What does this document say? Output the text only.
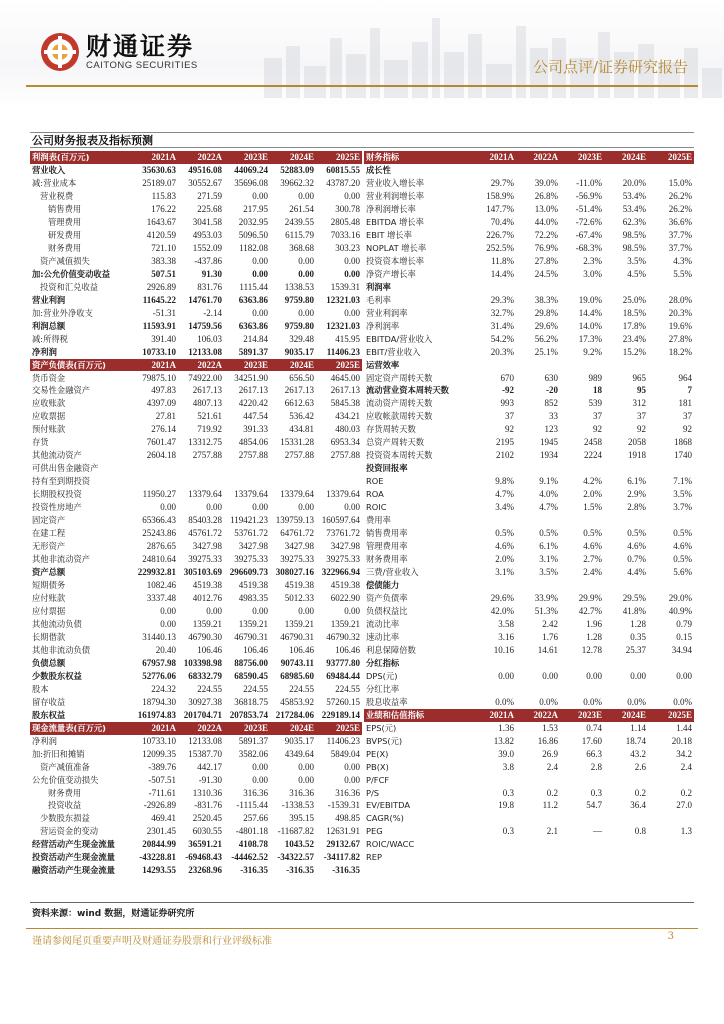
财通证券
CAITONG SECURITIES	公司点评/证券研究报告
公司财务报表及指标预测
利润表(百万元)	2021A	2022A	2023E	2024E	2025E
营业收入	35630.63	49516.08	44069.24	52883.09	60815.55
减:营业成本	25189.07	30552.67	35696.08	39662.32	43787.20
营业税费	115.83	271.59	0.00	0.00	0.00
销售费用	176.22	225.68	217.95	261.54	300.78
管理费用	1643.67	3041.58	2032.95	2439.55	2805.48
研发费用	4120.59	4953.03	5096.50	6115.79	7033.16
财务费用	721.10	1552.09	1182.08	368.68	303.23
资产减值损失	383.38	-437.86	0.00	0.00	0.00
加:公允价值变动收益	507.51	91.30	0.00	0.00	0.00
投资和汇兑收益	2926.89	831.76	1115.44	1338.53	1539.31
营业利润	11645.22	14761.70	6363.86	9759.80	12321.03
加:营业外净收支	-51.31	-2.14	0.00	0.00	0.00
利润总额	11593.91	14759.56	6363.86	9759.80	12321.03
减:所得税	391.40	106.03	214.84	329.48	415.95
净利润	10733.10	12133.08	5891.37	9035.17	11406.23
资产负债表(百万元)	2021A	2022A	2023E	2024E	2025E
货币资金	79875.10	74922.00	34251.90	656.50	4645.00
交易性金融资产	497.83	2617.13	2617.13	2617.13	2617.13
应收账款	4397.09	4807.13	4220.42	6612.63	5845.38
应收票据	27.81	521.61	447.54	536.42	434.21
预付账款	276.14	719.92	391.33	434.81	480.03
存货	7601.47	13312.75	4854.06	15331.28	6953.34
其他流动资产	2604.18	2757.88	2757.88	2757.88	2757.88
可供出售金融资产					
持有至到期投资					
长期股权投资	11950.27	13379.64	13379.64	13379.64	13379.64
投资性房地产	0.00	0.00	0.00	0.00	0.00
固定资产	65366.43	85403.28	119421.23	139759.13	160597.64
在建工程	25243.86	45761.72	53761.72	64761.72	73761.72
无形资产	2876.65	3427.98	3427.98	3427.98	3427.98
其他非流动资产	24810.64	39275.33	39275.33	39275.33	39275.33
资产总额	229932.81	305103.69	296609.73	308027.16	322966.94
短期债务	1082.46	4519.38	4519.38	4519.38	4519.38
应付账款	3337.48	4012.76	4983.35	5012.33	6022.90
应付票据	0.00	0.00	0.00	0.00	0.00
其他流动负债	0.00	1359.21	1359.21	1359.21	1359.21
长期借款	31440.13	46790.30	46790.31	46790.31	46790.32
其他非流动负债	20.40	106.46	106.46	106.46	106.46
负债总额	67957.98	103398.98	88756.00	90743.11	93777.80
少数股东权益	52776.06	68332.79	68590.45	68985.60	69484.44
股本	224.32	224.55	224.55	224.55	224.55
留存收益	18794.30	30927.38	36818.75	45853.92	57260.15
股东权益	161974.83	201704.71	207853.74	217284.06	229189.14
现金流量表(百万元)	2021A	2022A	2023E	2024E	2025E
净利润	10733.10	12133.08	5891.37	9035.17	11406.23
加:折旧和摊销	12099.35	15387.70	3582.06	4349.64	5849.04
资产减值准备	-389.76	442.17	0.00	0.00	0.00
公允价值变动损失	-507.51	-91.30	0.00	0.00	0.00
财务费用	-711.61	1310.36	316.36	316.36	316.36
投资收益	-2926.89	-831.76	-1115.44	-1338.53	-1539.31
少数股东损益	469.41	2520.45	257.66	395.15	498.85
营运资金的变动	2301.45	6030.55	-4801.18	-11687.82	12631.91
经营活动产生现金流量	20844.99	36591.21	4108.78	1043.52	29132.67
投资活动产生现金流量	-43228.81	-69468.43	-44462.52	-34322.57	-34117.82
融资活动产生现金流量	14293.55	23268.96	-316.35	-316.35	-316.35
财务指标	2021A	2022A	2023E	2024E	2025E
成长性					
营业收入增长率	29.7%	39.0%	-11.0%	20.0%	15.0%
营业利润增长率	158.9%	26.8%	-56.9%	53.4%	26.2%
净利润增长率	147.7%	13.0%	-51.4%	53.4%	26.2%
EBITDA 增长率	70.4%	44.0%	-72.6%	62.3%	36.6%
EBIT 增长率	226.7%	72.2%	-67.4%	98.5%	37.7%
NOPLAT 增长率	252.5%	76.9%	-68.3%	98.5%	37.7%
投资资本增长率	11.8%	27.8%	2.3%	3.5%	4.3%
净资产增长率	14.4%	24.5%	3.0%	4.5%	5.5%
利润率					
毛利率	29.3%	38.3%	19.0%	25.0%	28.0%
营业利润率	32.7%	29.8%	14.4%	18.5%	20.3%
净利润率	31.4%	29.6%	14.0%	17.8%	19.6%
EBITDA/营业收入	54.2%	56.2%	17.3%	23.4%	27.8%
EBIT/营业收入	20.3%	25.1%	9.2%	15.2%	18.2%
运营效率					
固定资产周转天数	670	630	989	965	964
流动营业资本周转天数	-92	-20	18	95	7
流动资产周转天数	993	852	539	312	181
应收帐款周转天数	37	33	37	37	37
存货周转天数	92	123	92	92	92
总资产周转天数	2195	1945	2458	2058	1868
投资资本周转天数	2102	1934	2224	1918	1740
投资回报率					
ROE	9.8%	9.1%	4.2%	6.1%	7.1%
ROA	4.7%	4.0%	2.0%	2.9%	3.5%
ROIC	3.4%	4.7%	1.5%	2.8%	3.7%
费用率					
销售费用率	0.5%	0.5%	0.5%	0.5%	0.5%
管理费用率	4.6%	6.1%	4.6%	4.6%	4.6%
财务费用率	2.0%	3.1%	2.7%	0.7%	0.5%
三费/营业收入	3.1%	3.5%	2.4%	4.4%	5.6%
偿债能力					
资产负债率	29.6%	33.9%	29.9%	29.5%	29.0%
负债权益比	42.0%	51.3%	42.7%	41.8%	40.9%
流动比率	3.58	2.42	1.96	1.28	0.79
速动比率	3.16	1.76	1.28	0.35	0.15
利息保障倍数	10.16	14.61	12.78	25.37	34.94
分红指标					
DPS(元)	0.00	0.00	0.00	0.00	0.00
分红比率					
股息收益率	0.0%	0.0%	0.0%	0.0%	0.0%
业绩和估值指标	2021A	2022A	2023E	2024E	2025E
EPS(元)	1.36	1.53	0.74	1.14	1.44
BVPS(元)	13.82	16.86	17.60	18.74	20.18
PE(X)	39.0	26.9	66.3	43.2	34.2
PB(X)	3.8	2.4	2.8	2.6	2.4
P/FCF					
P/S	0.3	0.2	0.3	0.2	0.2
EV/EBITDA	19.8	11.2	54.7	36.4	27.0
CAGR(%)					
PEG	0.3	2.1	—	0.8	1.3
ROIC/WACC					
REP					
资料来源：wind 数据，财通证券研究所
谨请参阅尾页重要声明及财通证券股票和行业评级标准	3
